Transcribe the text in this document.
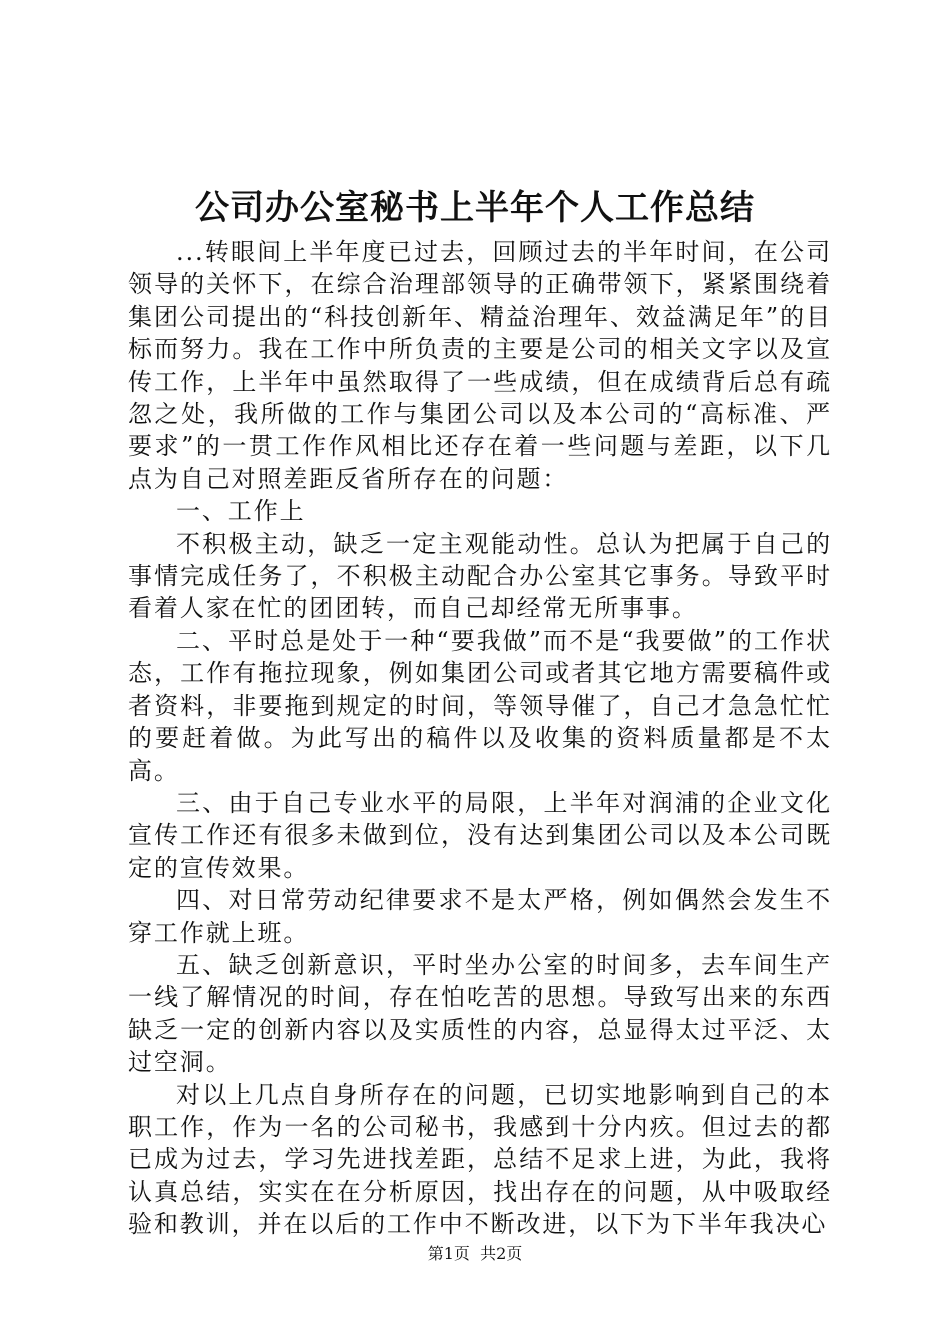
公司办公室秘书上半年个人工作总结

...转眼间上半年度已过去，回顾过去的半年时间，在公司领导的关怀下，在综合治理部领导的正确带领下，紧紧围绕着集团公司提出的“科技创新年、精益治理年、效益满足年”的目标而努力。我在工作中所负责的主要是公司的相关文字以及宣传工作，上半年中虽然取得了一些成绩，但在成绩背后总有疏忽之处，我所做的工作与集团公司以及本公司的“高标准、严要求”的一贯工作作风相比还存在着一些问题与差距，以下几点为自己对照差距反省所存在的问题：

一、工作上

不积极主动，缺乏一定主观能动性。总认为把属于自己的事情完成任务了，不积极主动配合办公室其它事务。导致平时看着人家在忙的团团转，而自己却经常无所事事。

二、平时总是处于一种“要我做”而不是“我要做”的工作状态，工作有拖拉现象，例如集团公司或者其它地方需要稿件或者资料，非要拖到规定的时间，等领导催了，自己才急急忙忙的要赶着做。为此写出的稿件以及收集的资料质量都是不太高。

三、由于自己专业水平的局限，上半年对润浦的企业文化宣传工作还有很多未做到位，没有达到集团公司以及本公司既定的宣传效果。

四、对日常劳动纪律要求不是太严格，例如偶然会发生不穿工作就上班。

五、缺乏创新意识，平时坐办公室的时间多，去车间生产一线了解情况的时间，存在怕吃苦的思想。导致写出来的东西缺乏一定的创新内容以及实质性的内容，总显得太过平泛、太过空洞。

对以上几点自身所存在的问题，已切实地影响到自己的本职工作，作为一名的公司秘书，我感到十分内疚。但过去的都已成为过去，学习先进找差距，总结不足求上进，为此，我将认真总结，实实在在分析原因，找出存在的问题，从中吸取经验和教训，并在以后的工作中不断改进，以下为下半年我决心

第1页  共2页
